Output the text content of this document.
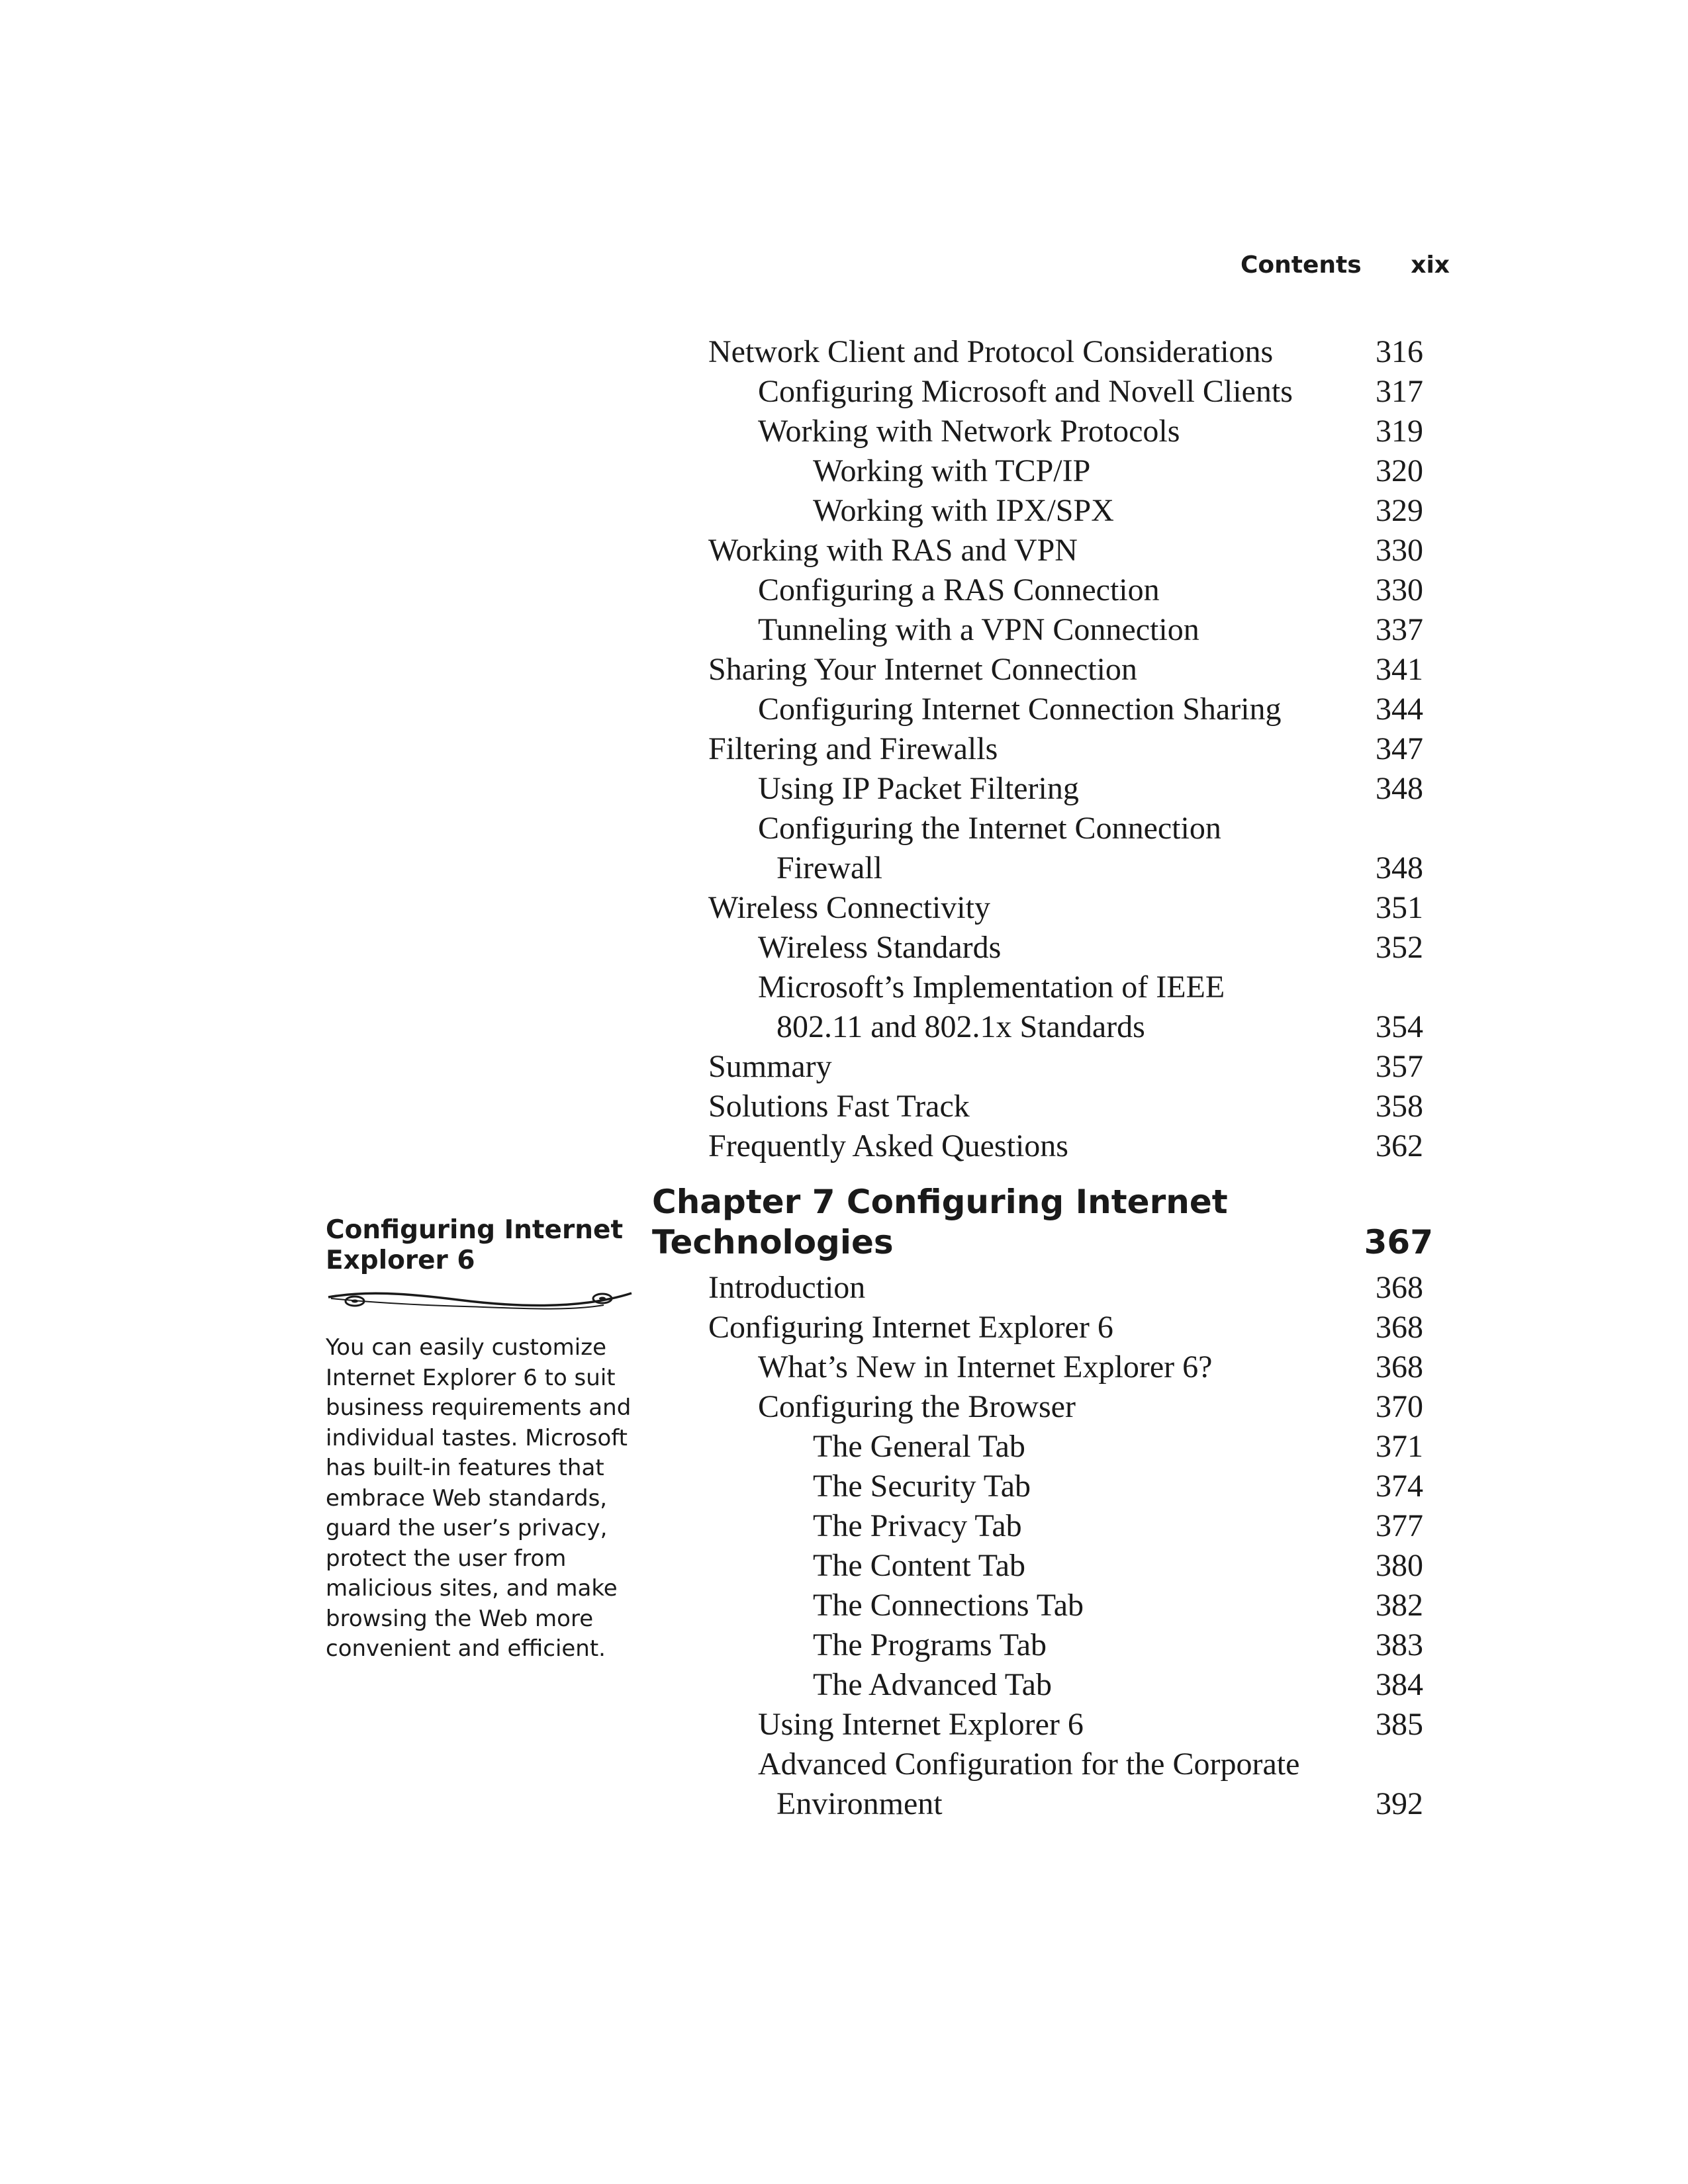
Contents xix
Network Client and Protocol Considerations	316
Configuring Microsoft and Novell Clients	317
Working with Network Protocols	319
Working with TCP/IP	320
Working with IPX/SPX	329
Working with RAS and VPN	330
Configuring a RAS Connection	330
Tunneling with a VPN Connection	337
Sharing Your Internet Connection	341
Configuring Internet Connection Sharing	344
Filtering and Firewalls	347
Using IP Packet Filtering	348
Configuring the Internet Connection
Firewall	348
Wireless Connectivity	351
Wireless Standards	352
Microsoft’s Implementation of IEEE
802.11 and 802.1x Standards	354
Summary	357
Solutions Fast Track	358
Frequently Asked Questions	362
Chapter 7 Configuring Internet
Technologies	367
Introduction	368
Configuring Internet Explorer 6	368
What’s New in Internet Explorer 6?	368
Configuring the Browser	370
The General Tab	371
The Security Tab	374
The Privacy Tab	377
The Content Tab	380
The Connections Tab	382
The Programs Tab	383
The Advanced Tab	384
Using Internet Explorer 6	385
Advanced Configuration for the Corporate
Environment	392
Configuring Internet
Explorer 6
You can easily customize
Internet Explorer 6 to suit
business requirements and
individual tastes. Microsoft
has built-in features that
embrace Web standards,
guard the user’s privacy,
protect the user from
malicious sites, and make
browsing the Web more
convenient and efficient.
